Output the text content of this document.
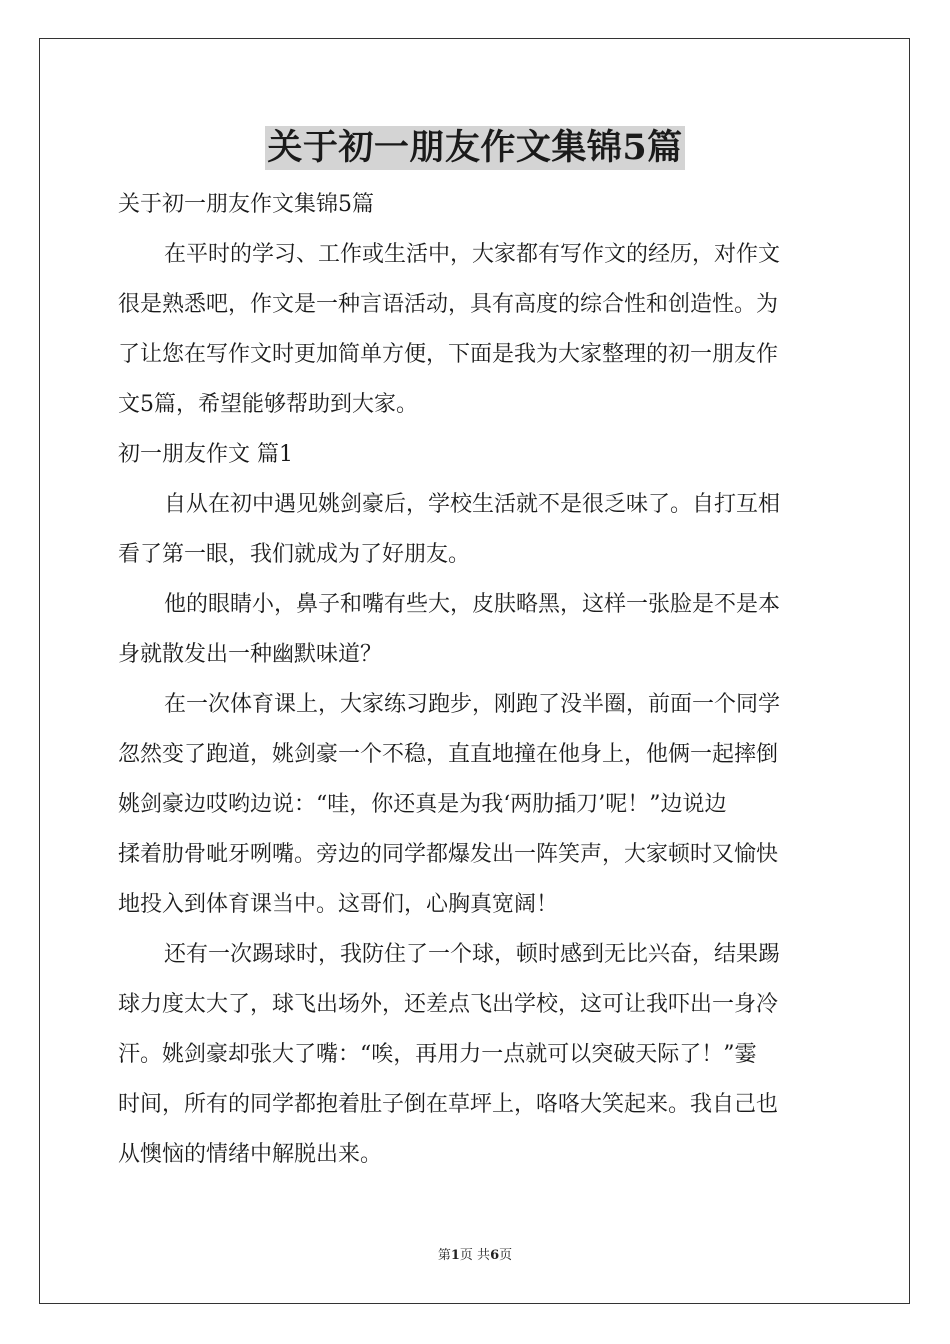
关于初一朋友作文集锦5篇
关于初一朋友作文集锦5篇
在平时的学习、工作或生活中，大家都有写作文的经历，对作文
很是熟悉吧，作文是一种言语活动，具有高度的综合性和创造性。为
了让您在写作文时更加简单方便，下面是我为大家整理的初一朋友作
文5篇，希望能够帮助到大家。
初一朋友作文 篇1
自从在初中遇见姚剑豪后，学校生活就不是很乏味了。自打互相
看了第一眼，我们就成为了好朋友。
他的眼睛小，鼻子和嘴有些大，皮肤略黑，这样一张脸是不是本
身就散发出一种幽默味道？
在一次体育课上，大家练习跑步，刚跑了没半圈，前面一个同学
忽然变了跑道，姚剑豪一个不稳，直直地撞在他身上，他俩一起摔倒
姚剑豪边哎哟边说：“哇，你还真是为我‘两肋插刀’呢！”边说边
揉着肋骨呲牙咧嘴。旁边的同学都爆发出一阵笑声，大家顿时又愉快
地投入到体育课当中。这哥们，心胸真宽阔！
还有一次踢球时，我防住了一个球，顿时感到无比兴奋，结果踢
球力度太大了，球飞出场外，还差点飞出学校，这可让我吓出一身冷
汗。姚剑豪却张大了嘴：“唉，再用力一点就可以突破天际了！”霎
时间，所有的同学都抱着肚子倒在草坪上，咯咯大笑起来。我自己也
从懊恼的情绪中解脱出来。
第1页 共6页
